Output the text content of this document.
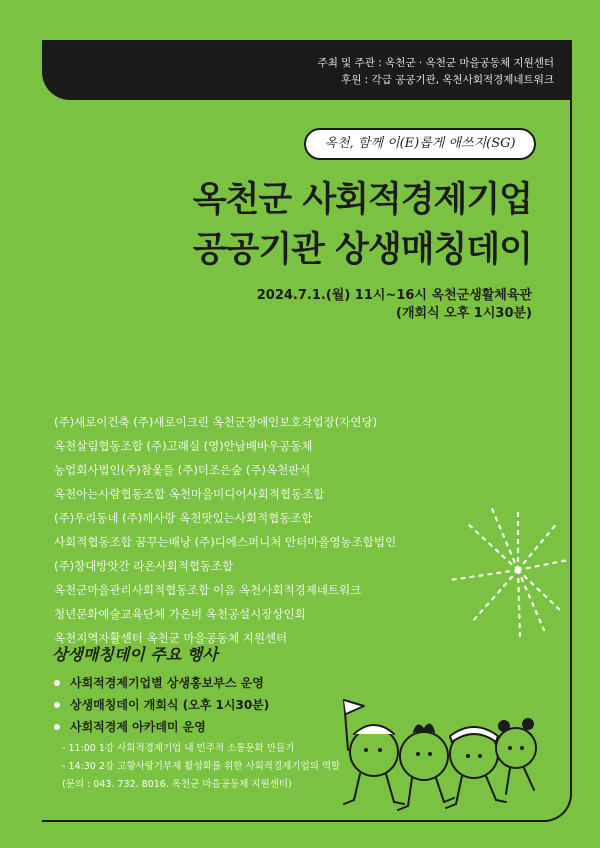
주최 및 주관 : 옥천군 · 옥천군 마을공동체 지원센터
후원 : 각급 공공기관, 옥천사회적경제네트워크
옥천, 함께 이(E)롭게 애쓰지(SG)
옥천군 사회적경제기업
공공기관 상생매칭데이
2024.7.1.(월) 11시~16시 옥천군생활체육관
(개회식 오후 1시30분)
(주)새로이건축 (주)새로이크린 옥천군장애인보호작업장(자연당)
옥천살림협동조합 (주)고래실 (영)안남배바우공동체
농업회사법인(주)참옻들 (주)더조은숲 (주)옥천판석
옥천아는사람협동조합 옥천마을미디어사회적협동조합
(주)우리동네 (주)해사랑 옥천맛있는사회적협동조합
사회적협동조합 꿈꾸는배낭 (주)디에스퍼니처 안터마을영농조합법인
(주)창대방앗간 라온사회적협동조합
옥천군마을관리사회적협동조합 이음 옥천사회적경제네트워크
청년문화예술교육단체 가온비 옥천공설시장상인회
옥천지역자활센터 옥천군 마을공동체 지원센터
상생매칭데이 주요 행사
사회적경제기업별 상생홍보부스 운영
상생매칭데이 개회식 (오후 1시30분)
사회적경제 아카데미 운영
- 11:00 1강 사회적경제기업 내 민주적 소통문화 만들기
- 14:30 2강 고향사랑기부제 활성화를 위한 사회적경제기업의 역할
(문의 : 043. 732. 8016. 옥천군 마을공동체 지원센터)
